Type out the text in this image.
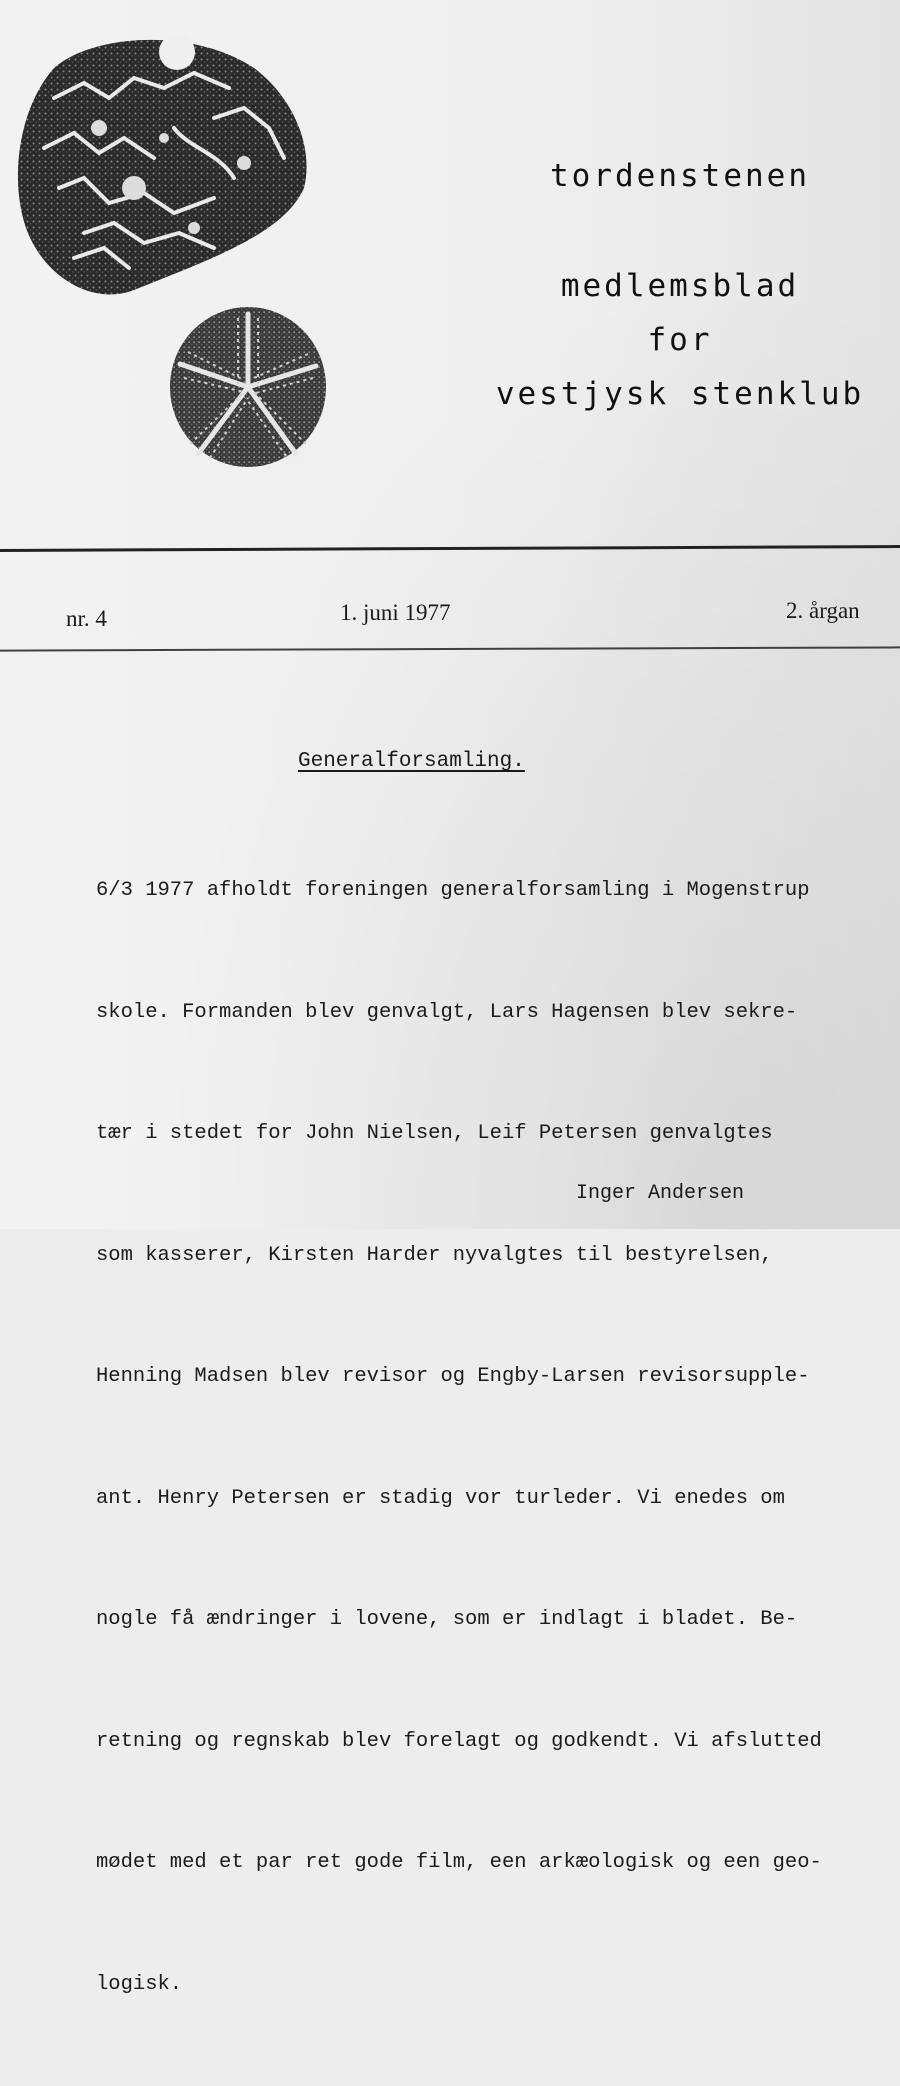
tordenstenen
medlemsblad
for
vestjysk stenklub
nr. 4	1. juni 1977	2. årgan
Generalforsamling.

6/3 1977 afholdt foreningen generalforsamling i Mogenstrup

skole. Formanden blev genvalgt, Lars Hagensen blev sekre-

tær i stedet for John Nielsen, Leif Petersen genvalgtes

som kasserer, Kirsten Harder nyvalgtes til bestyrelsen,

Henning Madsen blev revisor og Engby-Larsen revisorsupple-

ant. Henry Petersen er stadig vor turleder. Vi enedes om

nogle få ændringer i lovene, som er indlagt i bladet. Be-

retning og regnskab blev forelagt og godkendt. Vi afslutted

mødet med et par ret gode film, een arkæologisk og een geo-

logisk.

Inger Andersen
